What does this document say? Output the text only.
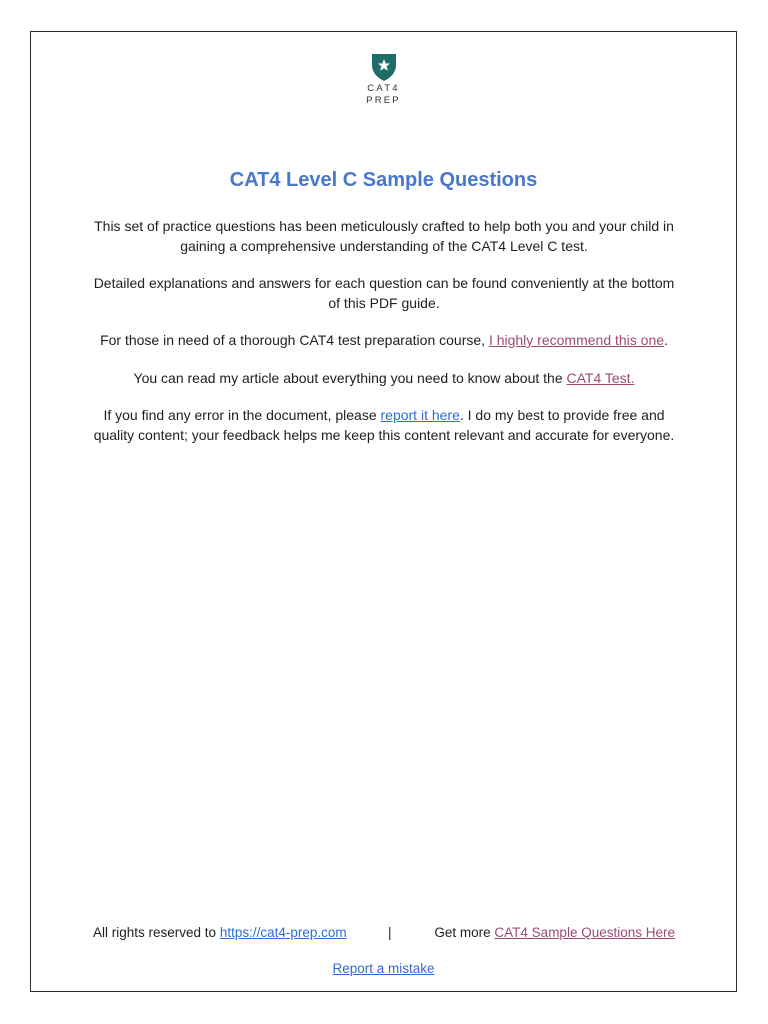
CAT4
PREP
CAT4 Level C Sample Questions

This set of practice questions has been meticulously crafted to help both you and your child in gaining a comprehensive understanding of the CAT4 Level C test.

Detailed explanations and answers for each question can be found conveniently at the bottom of this PDF guide.

For those in need of a thorough CAT4 test preparation course, I highly recommend this one.

You can read my article about everything you need to know about the CAT4 Test.

If you find any error in the document, please report it here. I do my best to provide free and quality content; your feedback helps me keep this content relevant and accurate for everyone.

All rights reserved to https://cat4-prep.com	|	Get more CAT4 Sample Questions Here
Report a mistake
